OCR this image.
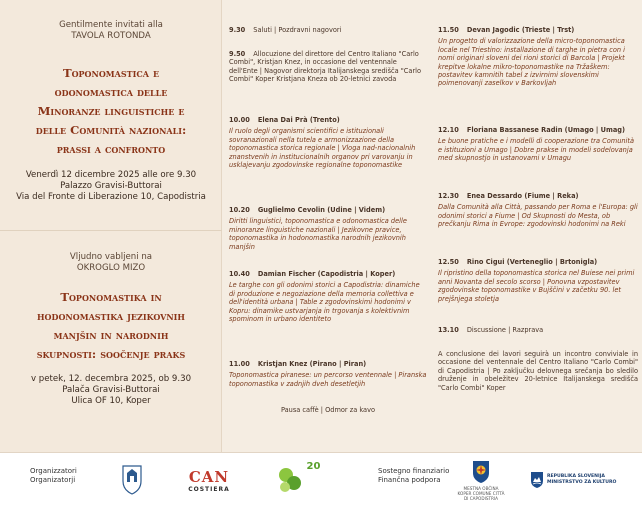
Gentilmente invitati alla
TAVOLA ROTONDA
Toponomastica e
odonomastica delle
Minoranze linguistiche e
delle Comunità nazionali:
prassi a confronto
Venerdì 12 dicembre 2025 alle ore 9.30
Palazzo Gravisi-Buttorai
Via del Fronte di Liberazione 10, Capodistria
Vljudno vabljeni na
OKROGLO MIZO
Toponomastika in
hodonomastika jezikovnih
manjšin in narodnih
skupnosti: soočenje praks
v petek, 12. decembra 2025, ob 9.30
Palača Gravisi-Buttorai
Ulica OF 10, Koper
9.30 Saluti | Pozdravni nagovori
9.50 Allocuzione del direttore del Centro Italiano "Carlo Combi", Kristjan Knez, in occasione del ventennale dell'Ente | Nagovor direktorja Italijanskega središča "Carlo Combi" Koper Kristjana Kneza ob 20-letnici zavoda
10.00 Elena Dai Prà (Trento)
Il ruolo degli organismi scientifici e istituzionali sovranazionali nella tutela e armonizzazione della toponomastica storica regionale | Vloga nad-nacionalnih znanstvenih in institucionalnih organov pri varovanju in usklajevanju zgodovinske regionalne toponomastike
10.20 Guglielmo Cevolin (Udine | Videm)
Diritti linguistici, toponomastica e odonomastica delle minoranze linguistiche nazionali | Jezikovne pravice, toponomastika in hodonomastika narodnih jezikovnih manjšin
10.40 Damian Fischer (Capodistria | Koper)
Le targhe con gli odonimi storici a Capodistria: dinamiche di produzione e negoziazione della memoria collettiva e dell'identità urbana | Table z zgodovinskimi hodonimi v Kopru: dinamike ustvarjanja in trgovanja s kolektivnim spominom in urbano identiteto
11.00 Kristjan Knez (Pirano | Piran)
Toponomastica piranese: un percorso ventennale | Piranska toponomastika v zadnjih dveh desetletjih
Pausa caffè | Odmor za kavo
11.50 Devan Jagodic (Trieste | Trst)
Un progetto di valorizzazione della micro-toponomastica locale nel Triestino: installazione di targhe in pietra con i nomi originari sloveni dei rioni storici di Barcola | Projekt krepitve lokalne mikro-toponomastike na Tržaškem: postavitev kamnitih tabel z izvirnimi slovenskimi poimenovanji zaselkov v Barkovljah
12.10 Floriana Bassanese Radin (Umago | Umag)
Le buone pratiche e i modelli di cooperazione tra Comunità e istituzioni a Umago | Dobre prakse in modeli sodelovanja med skupnostjo in ustanovami v Umagu
12.30 Enea Dessardo (Fiume | Reka)
Dalla Comunità alla Città, passando per Roma e l'Europa: gli odonimi storici a Fiume | Od Skupnosti do Mesta, ob prečkanju Rima in Evrope: zgodovinski hodonimi na Reki
12.50 Rino Cigui (Verteneglio | Brtonigla)
Il ripristino della toponomastica storica nel Buiese nei primi anni Novanta del secolo scorso | Ponovna vzpostavitev zgodovinske toponomastike v Bujščini v začetku 90. let prejšnjega stoletja
13.10 Discussione | Razprava
A conclusione dei lavori seguirà un incontro conviviale in occasione del ventennale del Centro Italiano "Carlo Combi" di Capodistria | Po zaključku delovnega srečanja bo sledilo druženje in obeležitev 20-letnice Italijanskega središča "Carlo Combi" Koper
Organizzatori
Organizatorji	CAN
COSTIERA
20	Sostegno finanziario
Finančna podpora
MESTNA OBČINA KOPER COMUNE CITTÀ DI CAPODISTRIA
REPUBLIKA SLOVENIJA
MINISTRSTVO ZA KULTURO
